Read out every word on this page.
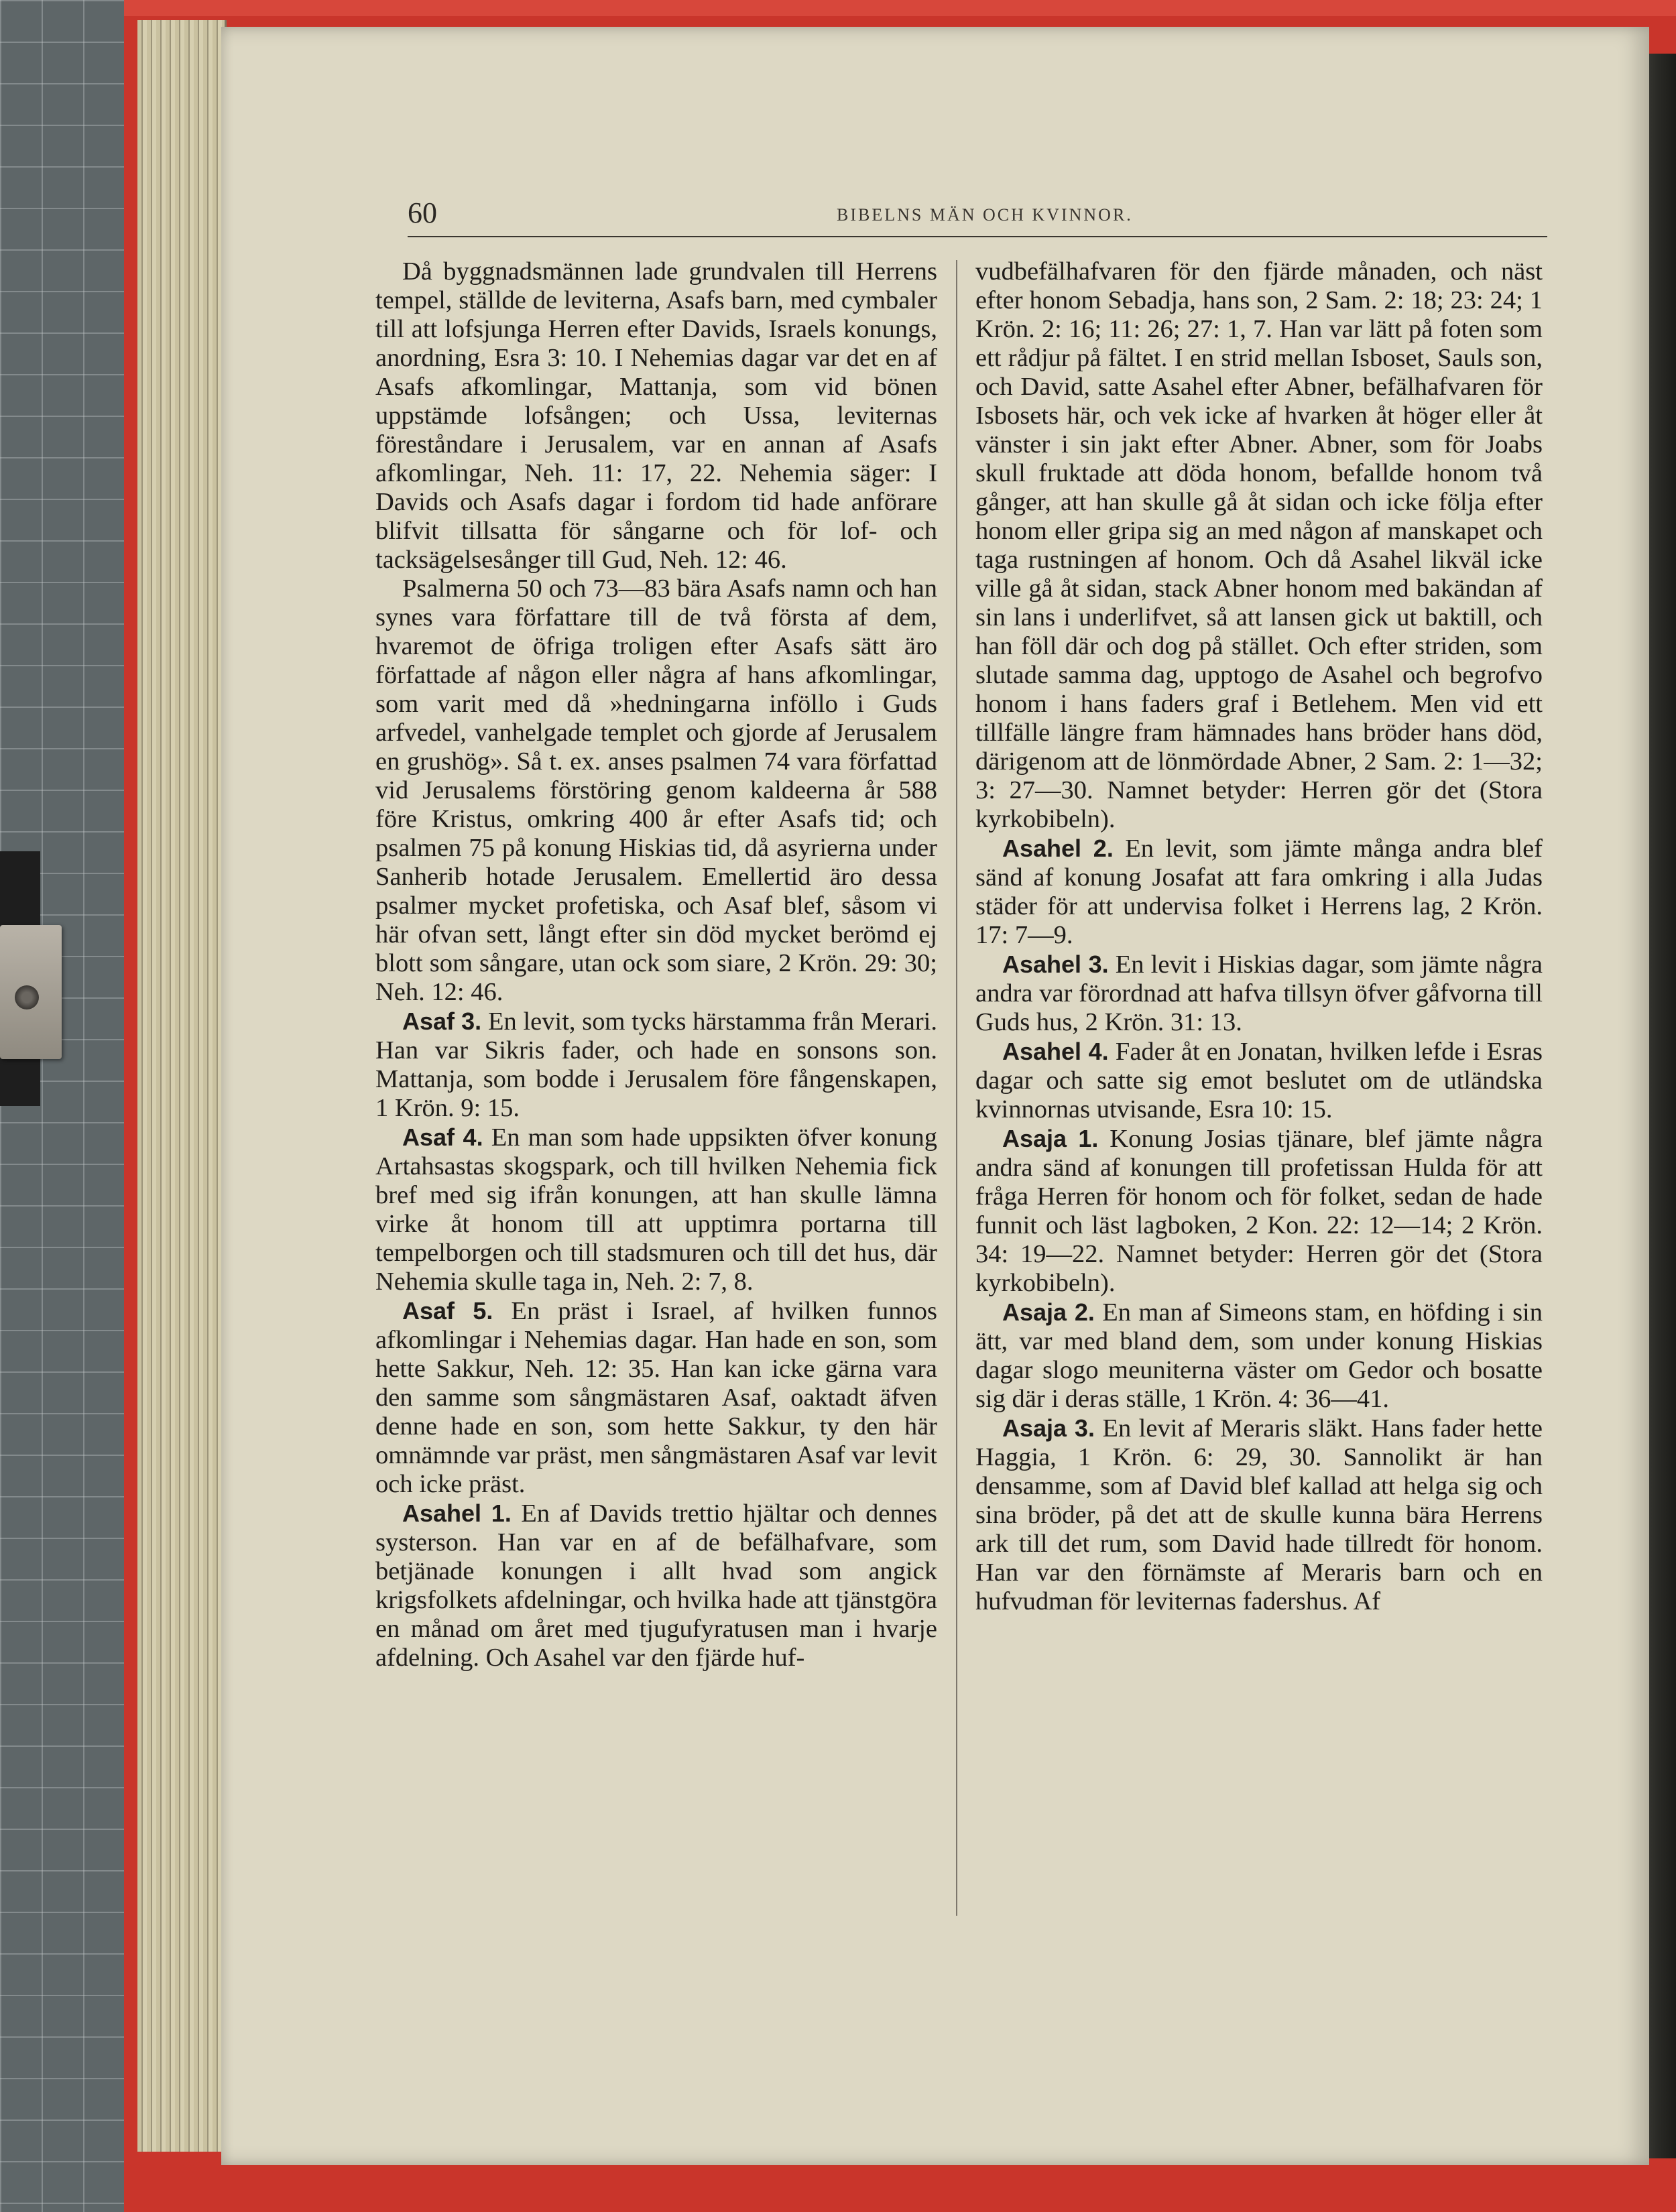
60	BIBELNS MÄN OCH KVINNOR.

Då byggnadsmännen lade grundvalen till Herrens tempel, ställde de leviterna, Asafs barn, med cymbaler till att lofsjunga Herren efter Davids, Israels konungs, anordning, Esra 3: 10. I Nehemias dagar var det en af Asafs afkomlingar, Mattanja, som vid bönen uppstämde lofsången; och Ussa, leviternas föreståndare i Jerusalem, var en annan af Asafs afkomlingar, Neh. 11: 17, 22. Nehemia säger: I Davids och Asafs dagar i fordom tid hade anförare blifvit tillsatta för sångarne och för lof- och tacksägelsesånger till Gud, Neh. 12: 46.

Psalmerna 50 och 73—83 bära Asafs namn och han synes vara författare till de två första af dem, hvaremot de öfriga troligen efter Asafs sätt äro författade af någon eller några af hans afkomlingar, som varit med då »hedningarna inföllo i Guds arfvedel, vanhelgade templet och gjorde af Jerusalem en grushög». Så t. ex. anses psalmen 74 vara författad vid Jerusalems förstöring genom kaldeerna år 588 före Kristus, omkring 400 år efter Asafs tid; och psalmen 75 på konung Hiskias tid, då asyrierna under Sanherib hotade Jerusalem. Emellertid äro dessa psalmer mycket profetiska, och Asaf blef, såsom vi här ofvan sett, långt efter sin död mycket berömd ej blott som sångare, utan ock som siare, 2 Krön. 29: 30; Neh. 12: 46.

Asaf 3. En levit, som tycks härstamma från Merari. Han var Sikris fader, och hade en sonsons son. Mattanja, som bodde i Jerusalem före fångenskapen, 1 Krön. 9: 15.

Asaf 4. En man som hade uppsikten öfver konung Artahsastas skogspark, och till hvilken Nehemia fick bref med sig ifrån konungen, att han skulle lämna virke åt honom till att upptimra portarna till tempelborgen och till stadsmuren och till det hus, där Nehemia skulle taga in, Neh. 2: 7, 8.

Asaf 5. En präst i Israel, af hvilken funnos afkomlingar i Nehemias dagar. Han hade en son, som hette Sakkur, Neh. 12: 35. Han kan icke gärna vara den samme som sångmästaren Asaf, oaktadt äfven denne hade en son, som hette Sakkur, ty den här omnämnde var präst, men sångmästaren Asaf var levit och icke präst.

Asahel 1. En af Davids trettio hjältar och dennes systerson. Han var en af de befälhafvare, som betjänade konungen i allt hvad som angick krigsfolkets afdelningar, och hvilka hade att tjänstgöra en månad om året med tjugufyratusen man i hvarje afdelning. Och Asahel var den fjärde huf-

vudbefälhafvaren för den fjärde månaden, och näst efter honom Sebadja, hans son, 2 Sam. 2: 18; 23: 24; 1 Krön. 2: 16; 11: 26; 27: 1, 7. Han var lätt på foten som ett rådjur på fältet. I en strid mellan Isboset, Sauls son, och David, satte Asahel efter Abner, befälhafvaren för Isbosets här, och vek icke af hvarken åt höger eller åt vänster i sin jakt efter Abner. Abner, som för Joabs skull fruktade att döda honom, befallde honom två gånger, att han skulle gå åt sidan och icke följa efter honom eller gripa sig an med någon af manskapet och taga rustningen af honom. Och då Asahel likväl icke ville gå åt sidan, stack Abner honom med bakändan af sin lans i underlifvet, så att lansen gick ut baktill, och han föll där och dog på stället. Och efter striden, som slutade samma dag, upptogo de Asahel och begrofvo honom i hans faders graf i Betlehem. Men vid ett tillfälle längre fram hämnades hans bröder hans död, därigenom att de lönmördade Abner, 2 Sam. 2: 1—32; 3: 27—30. Namnet betyder: Herren gör det (Stora kyrkobibeln).

Asahel 2. En levit, som jämte många andra blef sänd af konung Josafat att fara omkring i alla Judas städer för att undervisa folket i Herrens lag, 2 Krön. 17: 7—9.

Asahel 3. En levit i Hiskias dagar, som jämte några andra var förordnad att hafva tillsyn öfver gåfvorna till Guds hus, 2 Krön. 31: 13.

Asahel 4. Fader åt en Jonatan, hvilken lefde i Esras dagar och satte sig emot beslutet om de utländska kvinnornas utvisande, Esra 10: 15.

Asaja 1. Konung Josias tjänare, blef jämte några andra sänd af konungen till profetissan Hulda för att fråga Herren för honom och för folket, sedan de hade funnit och läst lagboken, 2 Kon. 22: 12—14; 2 Krön. 34: 19—22. Namnet betyder: Herren gör det (Stora kyrkobibeln).

Asaja 2. En man af Simeons stam, en höfding i sin ätt, var med bland dem, som under konung Hiskias dagar slogo meuniterna väster om Gedor och bosatte sig där i deras ställe, 1 Krön. 4: 36—41.

Asaja 3. En levit af Meraris släkt. Hans fader hette Haggia, 1 Krön. 6: 29, 30. Sannolikt är han densamme, som af David blef kallad att helga sig och sina bröder, på det att de skulle kunna bära Herrens ark till det rum, som David hade tillredt för honom. Han var den förnämste af Meraris barn och en hufvudman för leviternas fadershus. Af
